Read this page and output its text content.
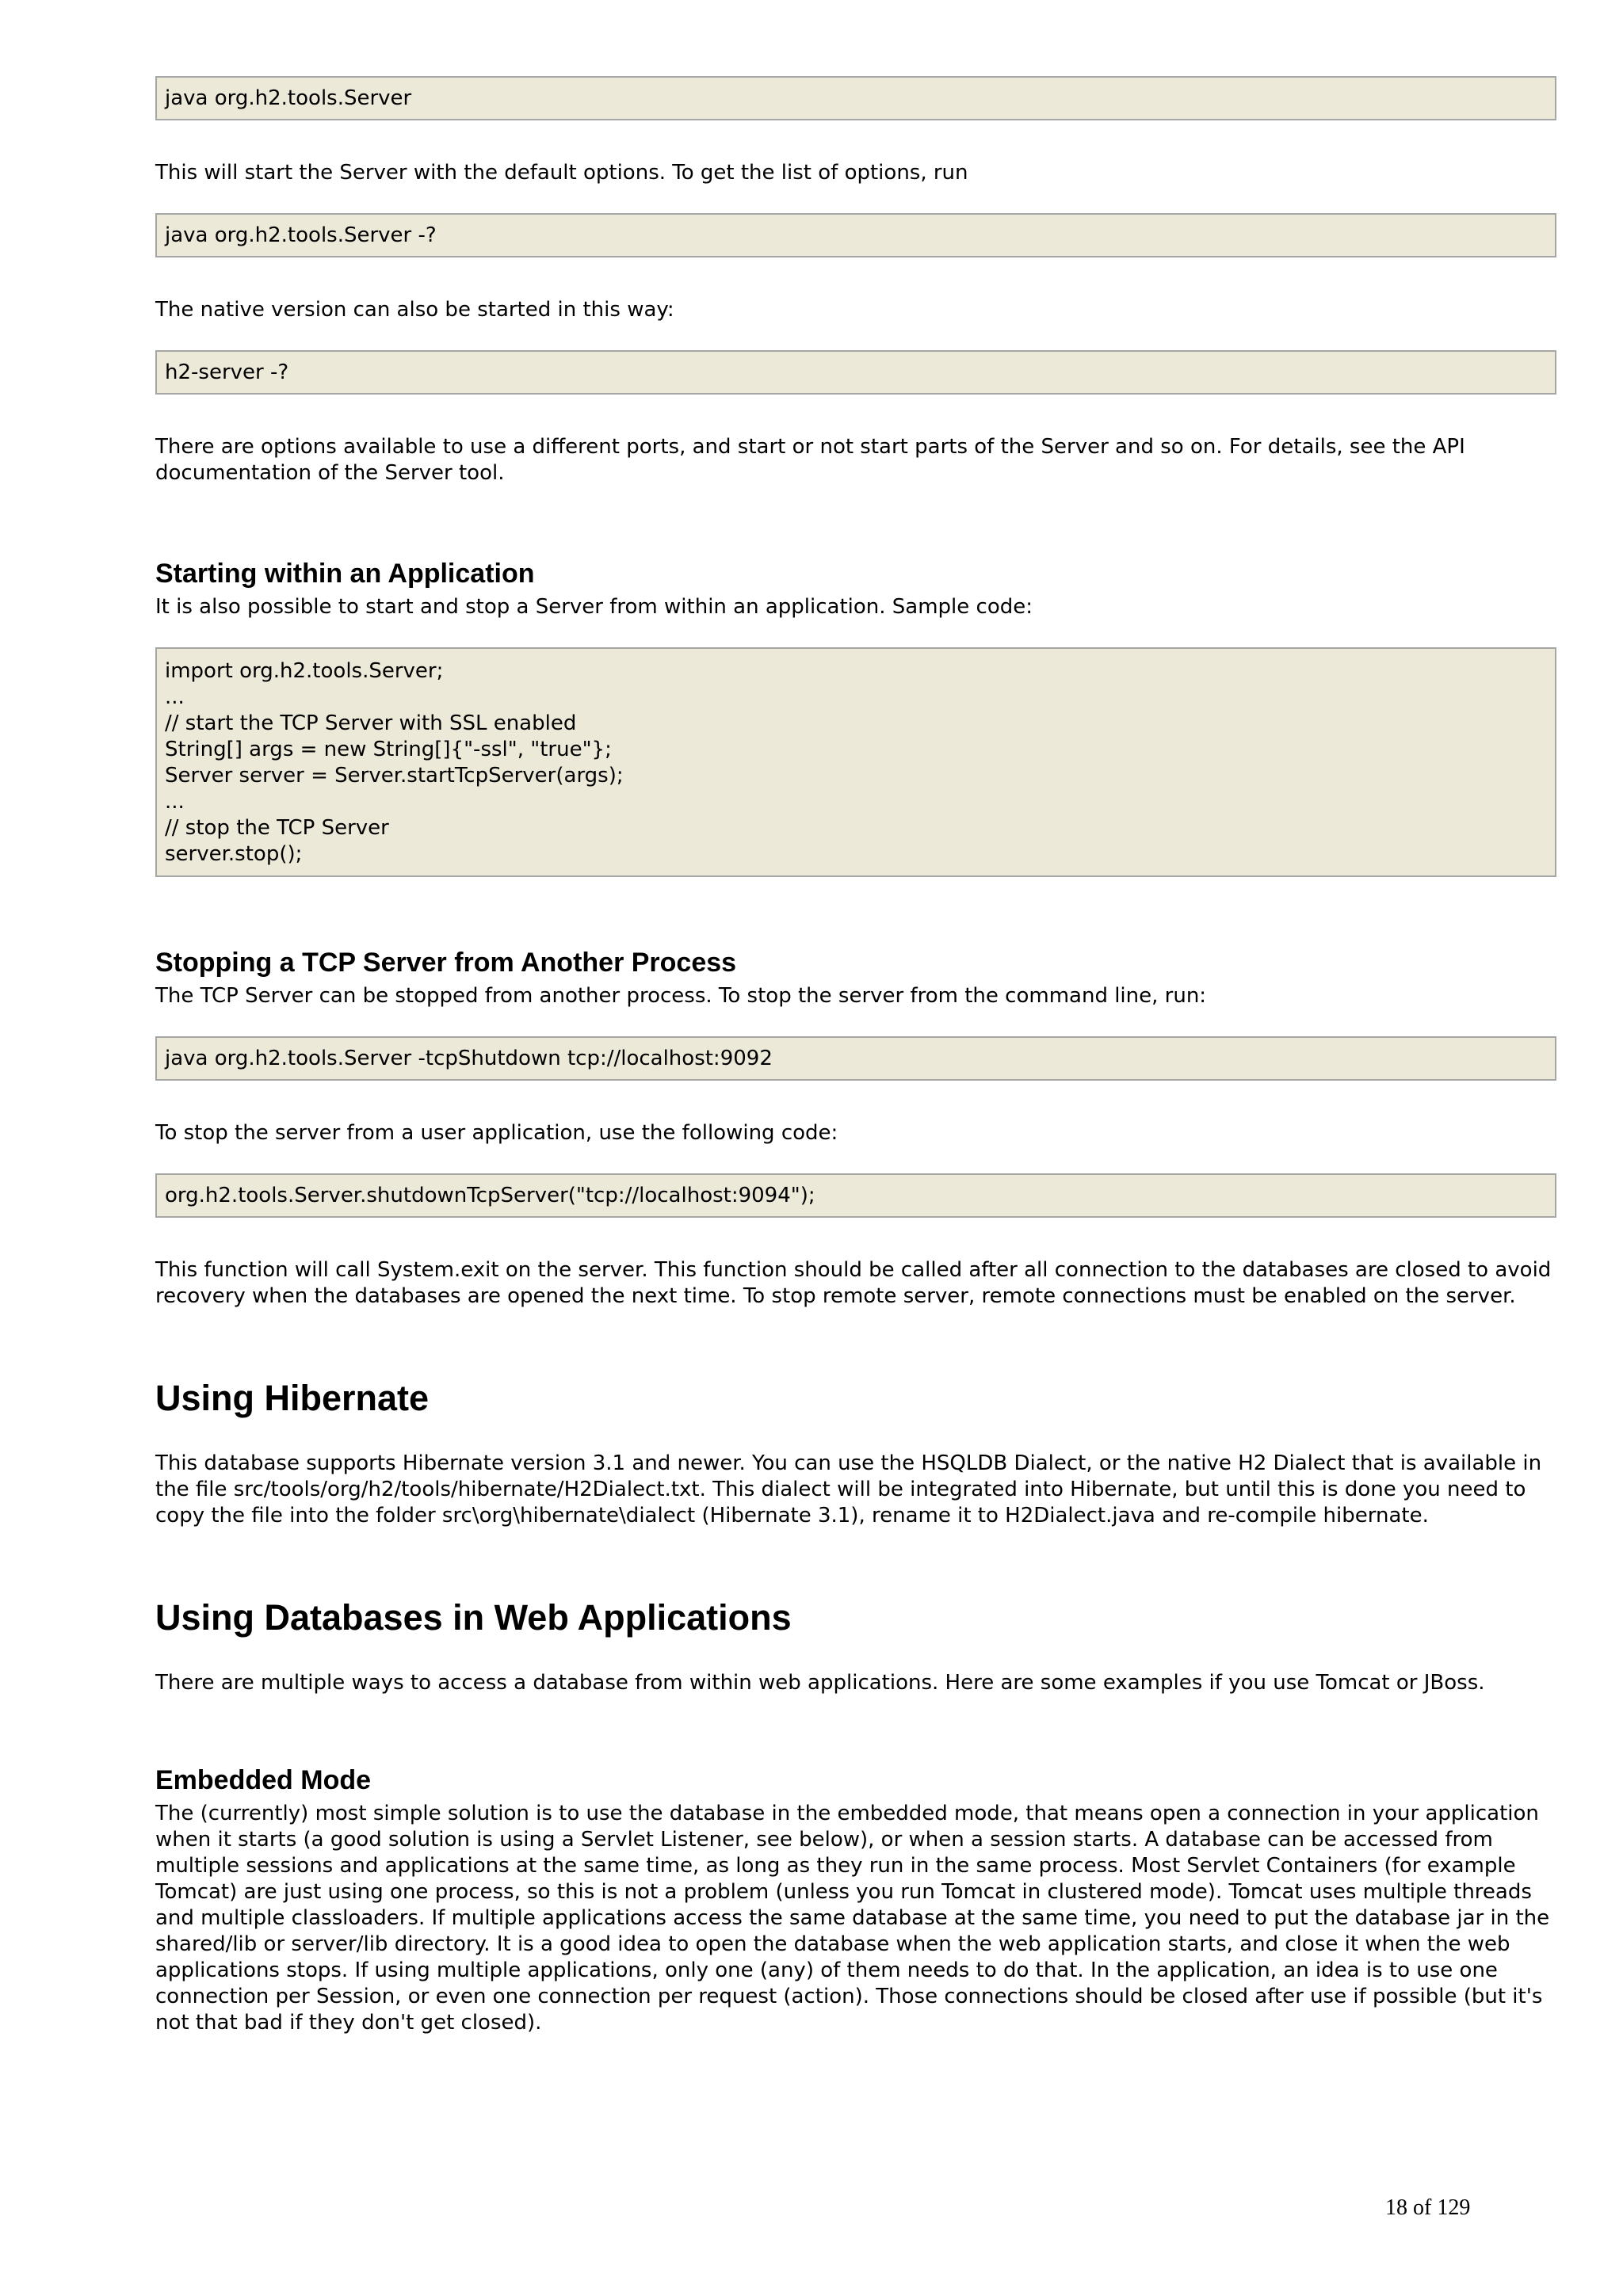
java org.h2.tools.Server

This will start the Server with the default options. To get the list of options, run

java org.h2.tools.Server -?

The native version can also be started in this way:

h2-server -?

There are options available to use a different ports, and start or not start parts of the Server and so on. For details, see the API documentation of the Server tool.

Starting within an Application

It is also possible to start and stop a Server from within an application. Sample code:

import org.h2.tools.Server;
...
// start the TCP Server with SSL enabled
String[] args = new String[]{"-ssl", "true"};
Server server = Server.startTcpServer(args);
...
// stop the TCP Server
server.stop();
Stopping a TCP Server from Another Process

The TCP Server can be stopped from another process. To stop the server from the command line, run:

java org.h2.tools.Server -tcpShutdown tcp://localhost:9092

To stop the server from a user application, use the following code:

org.h2.tools.Server.shutdownTcpServer("tcp://localhost:9094");

This function will call System.exit on the server. This function should be called after all connection to the databases are closed to avoid recovery when the databases are opened the next time. To stop remote server, remote connections must be enabled on the server.

Using Hibernate

This database supports Hibernate version 3.1 and newer. You can use the HSQLDB Dialect, or the native H2 Dialect that is available in the file src/tools/org/h2/tools/hibernate/H2Dialect.txt. This dialect will be integrated into Hibernate, but until this is done you need to copy the file into the folder src\org\hibernate\dialect (Hibernate 3.1), rename it to H2Dialect.java and re-compile hibernate.

Using Databases in Web Applications

There are multiple ways to access a database from within web applications. Here are some examples if you use Tomcat or JBoss.

Embedded Mode

The (currently) most simple solution is to use the database in the embedded mode, that means open a connection in your application when it starts (a good solution is using a Servlet Listener, see below), or when a session starts. A database can be accessed from multiple sessions and applications at the same time, as long as they run in the same process. Most Servlet Containers (for example Tomcat) are just using one process, so this is not a problem (unless you run Tomcat in clustered mode). Tomcat uses multiple threads and multiple classloaders. If multiple applications access the same database at the same time, you need to put the database jar in the shared/lib or server/lib directory. It is a good idea to open the database when the web application starts, and close it when the web applications stops. If using multiple applications, only one (any) of them needs to do that. In the application, an idea is to use one connection per Session, or even one connection per request (action). Those connections should be closed after use if possible (but it's not that bad if they don't get closed).

18 of 129
